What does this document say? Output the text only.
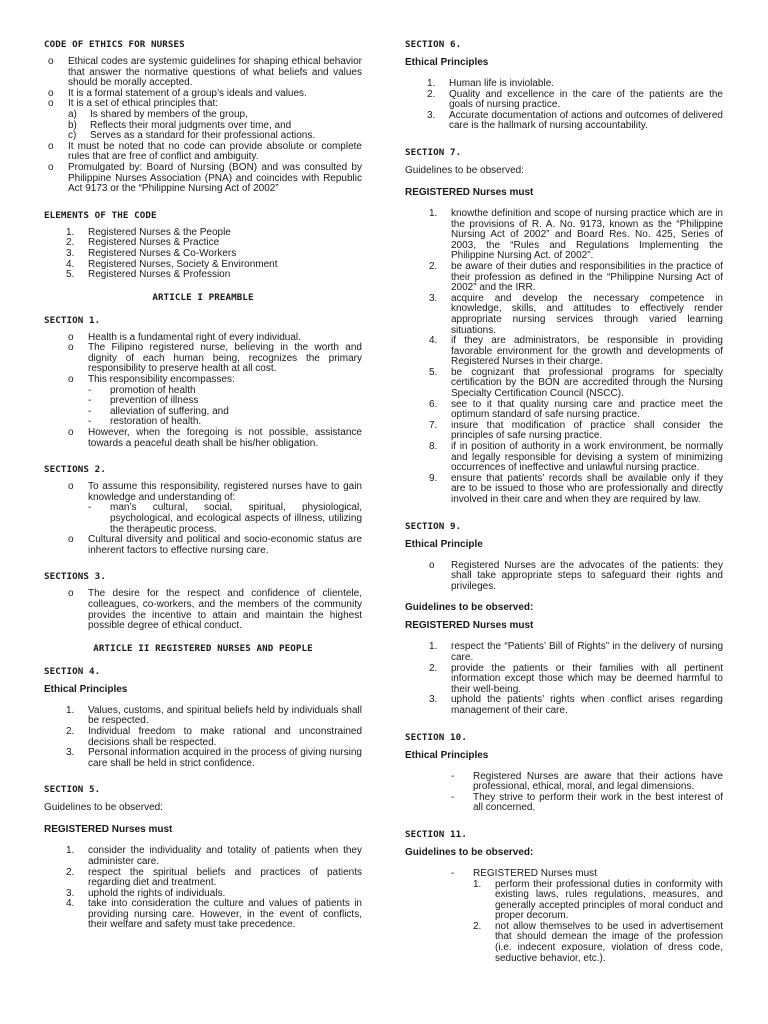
CODE OF ETHICS FOR NURSES
o Ethical codes are systemic guidelines for shaping ethical behavior that answer the normative questions of what beliefs and values should be morally accepted.
o It is a formal statement of a group’s ideals and values.
o It is a set of ethical principles that:
a) Is shared by members of the group,
b) Reflects their moral judgments over time, and
c) Serves as a standard for their professional actions.
o It must be noted that no code can provide absolute or complete rules that are free of conflict and ambiguity.
o Promulgated by: Board of Nursing (BON) and was consulted by Philippine Nurses Association (PNA) and coincides with Republic Act 9173 or the “Philippine Nursing Act of 2002”
ELEMENTS OF THE CODE
1. Registered Nurses & the People
2. Registered Nurses & Practice
3. Registered Nurses & Co-Workers
4. Registered Nurses, Society & Environment
5. Registered Nurses & Profession
ARTICLE I PREAMBLE
SECTION 1.
o Health is a fundamental right of every individual.
o The Filipino registered nurse, believing in the worth and dignity of each human being, recognizes the primary responsibility to preserve health at all cost.
o This responsibility encompasses:
- promotion of health
- prevention of illness
- alleviation of suffering, and
- restoration of health.
o However, when the foregoing is not possible, assistance towards a peaceful death shall be his/her obligation.
SECTIONS 2.
o To assume this responsibility, registered nurses have to gain knowledge and understanding of:
- man’s cultural, social, spiritual, physiological, psychological, and ecological aspects of illness, utilizing the therapeutic process.
o Cultural diversity and political and socio-economic status are inherent factors to effective nursing care.
SECTIONS 3.
o The desire for the respect and confidence of clientele, colleagues, co-workers, and the members of the community provides the incentive to attain and maintain the highest possible degree of ethical conduct.
ARTICLE II REGISTERED NURSES AND PEOPLE
SECTION 4.
Ethical Principles
1. Values, customs, and spiritual beliefs held by individuals shall be respected.
2. Individual freedom to make rational and unconstrained decisions shall be respected.
3. Personal information acquired in the process of giving nursing care shall be held in strict confidence.
SECTION 5.
Guidelines to be observed:
REGISTERED Nurses must
1. consider the individuality and totality of patients when they administer care.
2. respect the spiritual beliefs and practices of patients regarding diet and treatment.
3. uphold the rights of individuals.
4. take into consideration the culture and values of patients in providing nursing care. However, in the event of conflicts, their welfare and safety must take precedence.
SECTION 6.
Ethical Principles
1. Human life is inviolable.
2. Quality and excellence in the care of the patients are the goals of nursing practice.
3. Accurate documentation of actions and outcomes of delivered care is the hallmark of nursing accountability.
SECTION 7.
Guidelines to be observed:
REGISTERED Nurses must
1. knowthe definition and scope of nursing practice which are in the provisions of R. A. No. 9173, known as the “Philippine Nursing Act of 2002” and Board Res. No. 425, Series of 2003, the “Rules and Regulations Implementing the Philippine Nursing Act. of 2002”.
2. be aware of their duties and responsibilities in the practice of their profession as defined in the “Philippine Nursing Act of 2002” and the IRR.
3. acquire and develop the necessary competence in knowledge, skills, and attitudes to effectively render appropriate nursing services through varied learning situations.
4. if they are administrators, be responsible in providing favorable environment for the growth and developments of Registered Nurses in their charge.
5. be cognizant that professional programs for specialty certification by the BON are accredited through the Nursing Specialty Certification Council (NSCC).
6. see to it that quality nursing care and practice meet the optimum standard of safe nursing practice.
7. insure that modification of practice shall consider the principles of safe nursing practice.
8. if in position of authority in a work environment, be normally and legally responsible for devising a system of minimizing occurrences of ineffective and unlawful nursing practice.
9. ensure that patients’ records shall be available only if they are to be issued to those who are professionally and directly involved in their care and when they are required by law.
SECTION 9.
Ethical Principle
o Registered Nurses are the advocates of the patients: they shall take appropriate steps to safeguard their rights and privileges.
Guidelines to be observed:
REGISTERED Nurses must
1. respect the “Patients’ Bill of Rights” in the delivery of nursing care.
2. provide the patients or their families with all pertinent information except those which may be deemed harmful to their well-being.
3. uphold the patients’ rights when conflict arises regarding management of their care.
SECTION 10.
Ethical Principles
- Registered Nurses are aware that their actions have professional, ethical, moral, and legal dimensions.
- They strive to perform their work in the best interest of all concerned.
SECTION 11.
Guidelines to be observed:
- REGISTERED Nurses must
1. perform their professional duties in conformity with existing laws, rules regulations, measures, and generally accepted principles of moral conduct and proper decorum.
2. not allow themselves to be used in advertisement that should demean the image of the profession (i.e. indecent exposure, violation of dress code, seductive behavior, etc.).
